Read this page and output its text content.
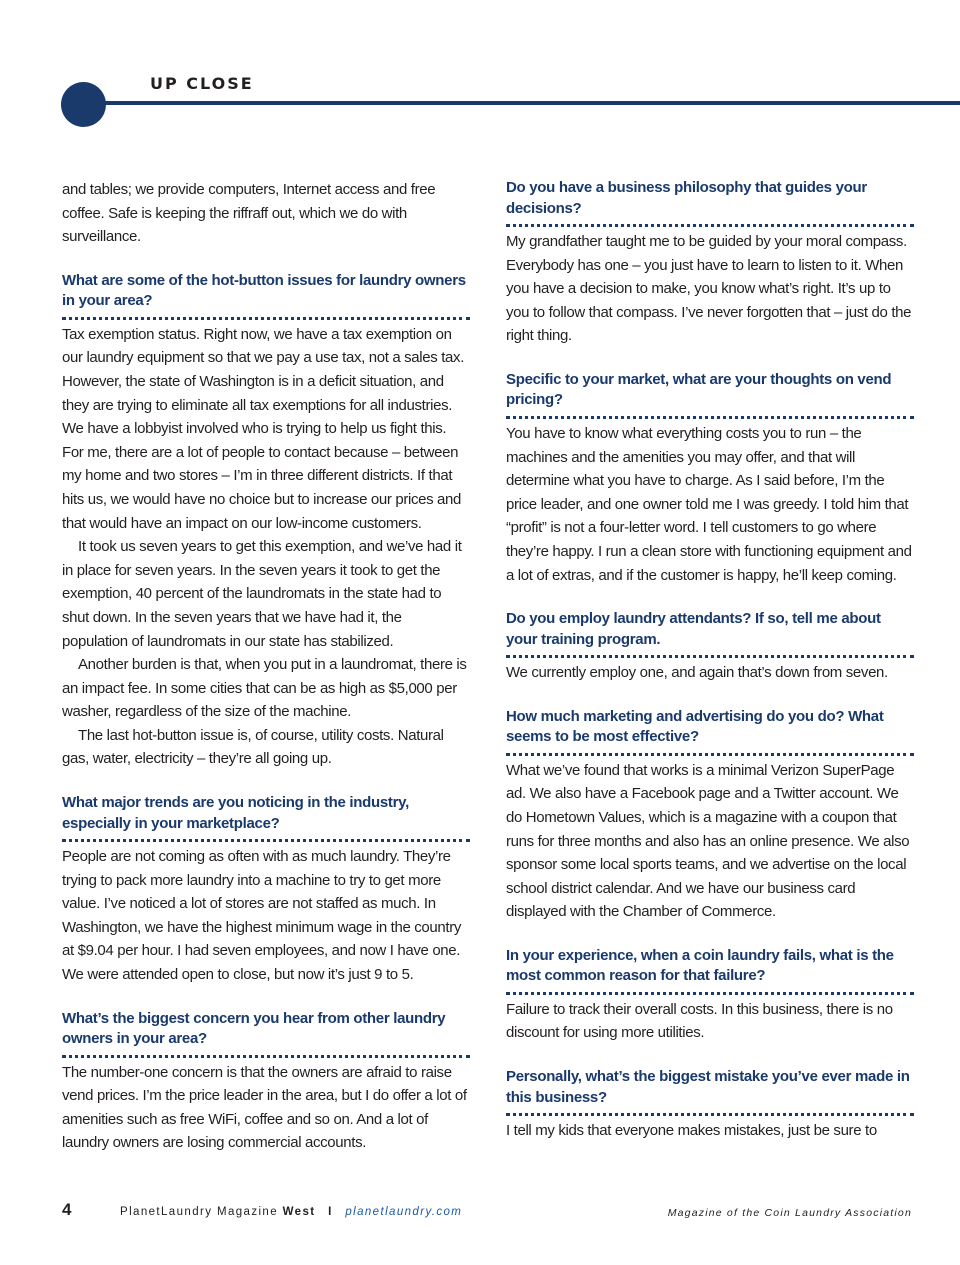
UP CLOSE

and tables; we provide computers, Internet access and free coffee. Safe is keeping the riffraff out, which we do with surveillance.

What are some of the hot-button issues for laundry owners in your area?

Tax exemption status. Right now, we have a tax exemption on our laundry equipment so that we pay a use tax, not a sales tax. However, the state of Washington is in a deficit situation, and they are trying to eliminate all tax exemptions for all industries. We have a lobbyist involved who is trying to help us fight this. For me, there are a lot of people to contact because – between my home and two stores – I’m in three different districts. If that hits us, we would have no choice but to increase our prices and that would have an impact on our low-income customers.

It took us seven years to get this exemption, and we’ve had it in place for seven years. In the seven years it took to get the exemption, 40 percent of the laundromats in the state had to shut down. In the seven years that we have had it, the population of laundromats in our state has stabilized.

Another burden is that, when you put in a laundromat, there is an impact fee. In some cities that can be as high as $5,000 per washer, regardless of the size of the machine.

The last hot-button issue is, of course, utility costs. Natural gas, water, electricity – they’re all going up.

What major trends are you noticing in the industry, especially in your marketplace?

People are not coming as often with as much laundry. They’re trying to pack more laundry into a machine to try to get more value. I’ve noticed a lot of stores are not staffed as much. In Washington, we have the highest minimum wage in the country at $9.04 per hour. I had seven employees, and now I have one. We were attended open to close, but now it’s just 9 to 5.

What’s the biggest concern you hear from other laundry owners in your area?

The number-one concern is that the owners are afraid to raise vend prices. I’m the price leader in the area, but I do offer a lot of amenities such as free WiFi, coffee and so on. And a lot of laundry owners are losing commercial accounts.

Do you have a business philosophy that guides your decisions?

My grandfather taught me to be guided by your moral compass. Everybody has one – you just have to learn to listen to it. When you have a decision to make, you know what’s right. It’s up to you to follow that compass. I’ve never forgotten that – just do the right thing.

Specific to your market, what are your thoughts on vend pricing?

You have to know what everything costs you to run – the machines and the amenities you may offer, and that will determine what you have to charge. As I said before, I’m the price leader, and one owner told me I was greedy. I told him that “profit” is not a four-letter word. I tell customers to go where they’re happy. I run a clean store with functioning equipment and a lot of extras, and if the customer is happy, he’ll keep coming.

Do you employ laundry attendants? If so, tell me about your training program.

We currently employ one, and again that’s down from seven.

How much marketing and advertising do you do? What seems to be most effective?

What we’ve found that works is a minimal Verizon SuperPage ad. We also have a Facebook page and a Twitter account. We do Hometown Values, which is a magazine with a coupon that runs for three months and also has an online presence. We also sponsor some local sports teams, and we advertise on the local school district calendar. And we have our business card displayed with the Chamber of Commerce.

In your experience, when a coin laundry fails, what is the most common reason for that failure?

Failure to track their overall costs. In this business, there is no discount for using more utilities.

Personally, what’s the biggest mistake you’ve ever made in this business?

I tell my kids that everyone makes mistakes, just be sure to

4	PlanetLaundry Magazine West I planetlaundry.com	Magazine of the Coin Laundry Association
